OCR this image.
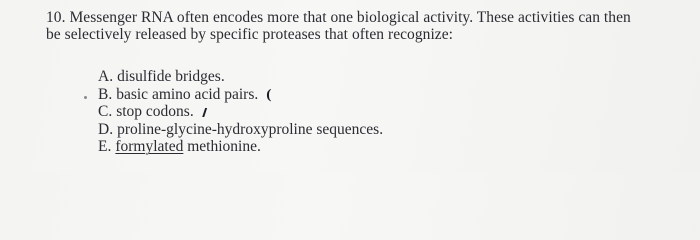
10. Messenger RNA often encodes more that one biological activity. These activities can then
be selectively released by specific proteases that often recognize:
A. disulfide bridges.
B. basic amino acid pairs. (
C. stop codons.
D. proline-glycine-hydroxyproline sequences.
E. formylated methionine.
